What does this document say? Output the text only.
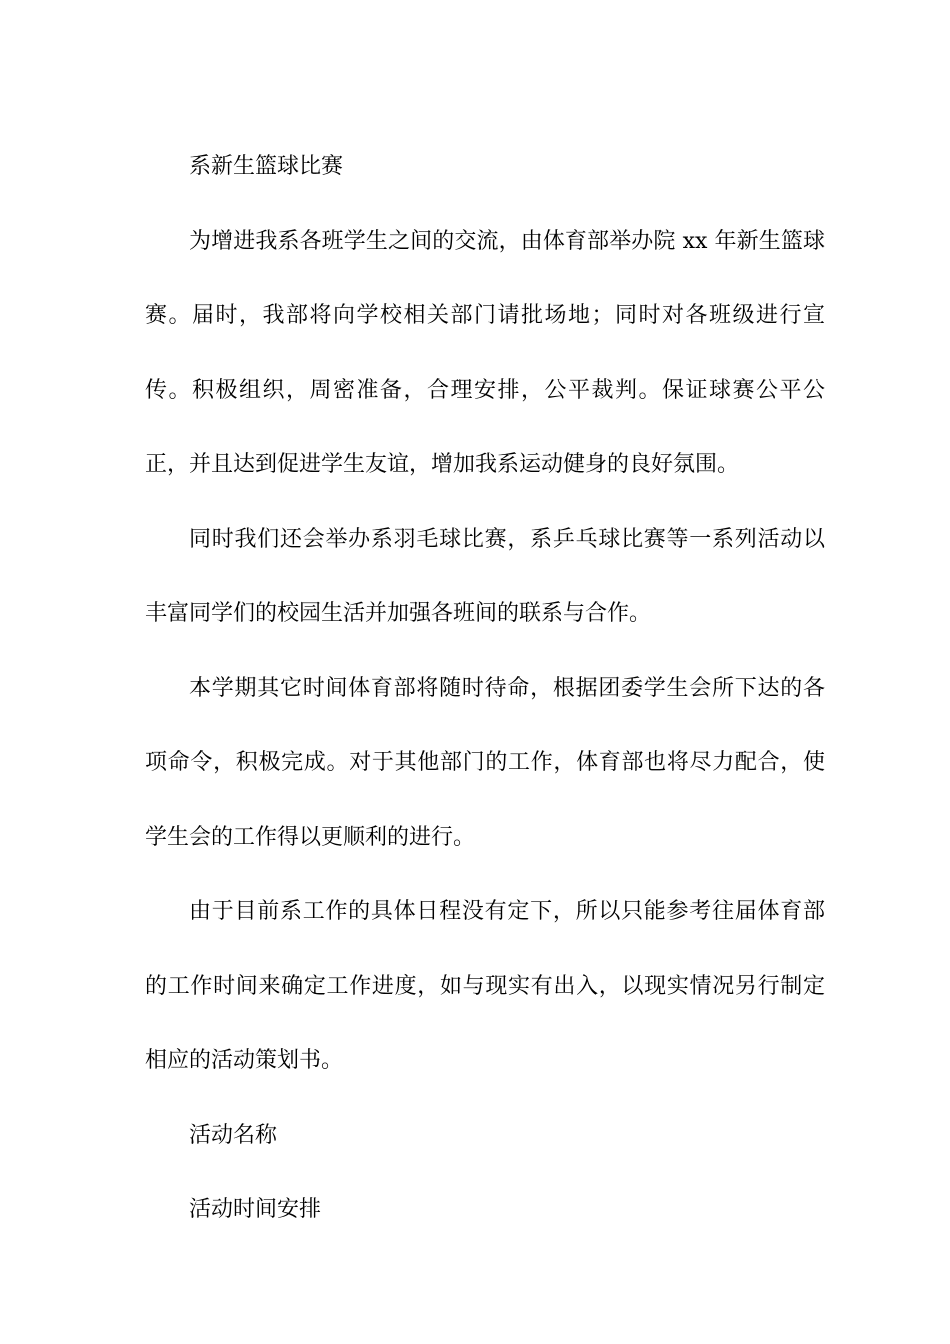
系新生篮球比赛

为增进我系各班学生之间的交流，由体育部举办院 xx 年新生篮球赛。届时，我部将向学校相关部门请批场地；同时对各班级进行宣传。积极组织，周密准备，合理安排，公平裁判。保证球赛公平公正，并且达到促进学生友谊，增加我系运动健身的良好氛围。

同时我们还会举办系羽毛球比赛，系乒乓球比赛等一系列活动以丰富同学们的校园生活并加强各班间的联系与合作。

本学期其它时间体育部将随时待命，根据团委学生会所下达的各项命令，积极完成。对于其他部门的工作，体育部也将尽力配合，使学生会的工作得以更顺利的进行。

由于目前系工作的具体日程没有定下，所以只能参考往届体育部的工作时间来确定工作进度，如与现实有出入，以现实情况另行制定相应的活动策划书。

活动名称

活动时间安排
